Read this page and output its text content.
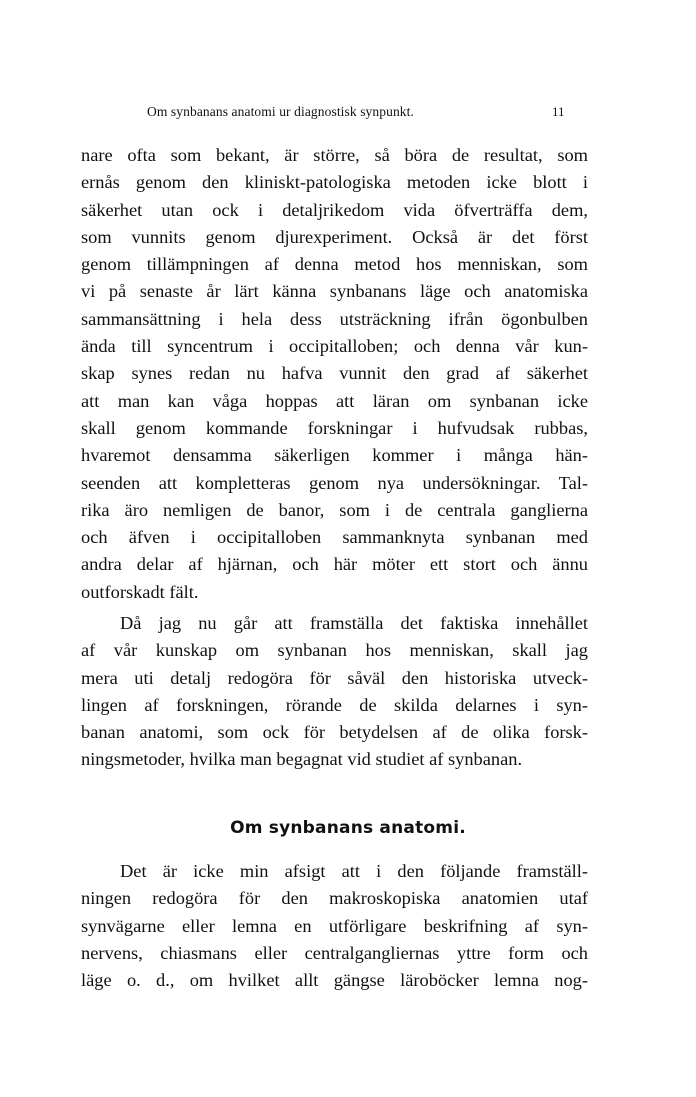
Om synbanans anatomi ur diagnostisk synpunkt.	11
nare ofta som bekant, är större, så böra de resultat, som
ernås genom den kliniskt-patologiska metoden icke blott i
säkerhet utan ock i detaljrikedom vida öfverträffa dem,
som vunnits genom djurexperiment. Också är det först
genom tillämpningen af denna metod hos menniskan, som
vi på senaste år lärt känna synbanans läge och anatomiska
sammansättning i hela dess utsträckning ifrån ögonbulben
ända till syncentrum i occipitalloben; och denna vår kun-
skap synes redan nu hafva vunnit den grad af säkerhet
att man kan våga hoppas att läran om synbanan icke
skall genom kommande forskningar i hufvudsak rubbas,
hvaremot densamma säkerligen kommer i många hän-
seenden att kompletteras genom nya undersökningar. Tal-
rika äro nemligen de banor, som i de centrala ganglierna
och äfven i occipitalloben sammanknyta synbanan med
andra delar af hjärnan, och här möter ett stort och ännu
outforskadt fält.
Då jag nu går att framställa det faktiska innehållet
af vår kunskap om synbanan hos menniskan, skall jag
mera uti detalj redogöra för såväl den historiska utveck-
lingen af forskningen, rörande de skilda delarnes i syn-
banan anatomi, som ock för betydelsen af de olika forsk-
ningsmetoder, hvilka man begagnat vid studiet af synbanan.
Om synbanans anatomi.
Det är icke min afsigt att i den följande framställ-
ningen redogöra för den makroskopiska anatomien utaf
synvägarne eller lemna en utförligare beskrifning af syn-
nervens, chiasmans eller centralgangliernas yttre form och
läge o. d., om hvilket allt gängse läroböcker lemna nog-
